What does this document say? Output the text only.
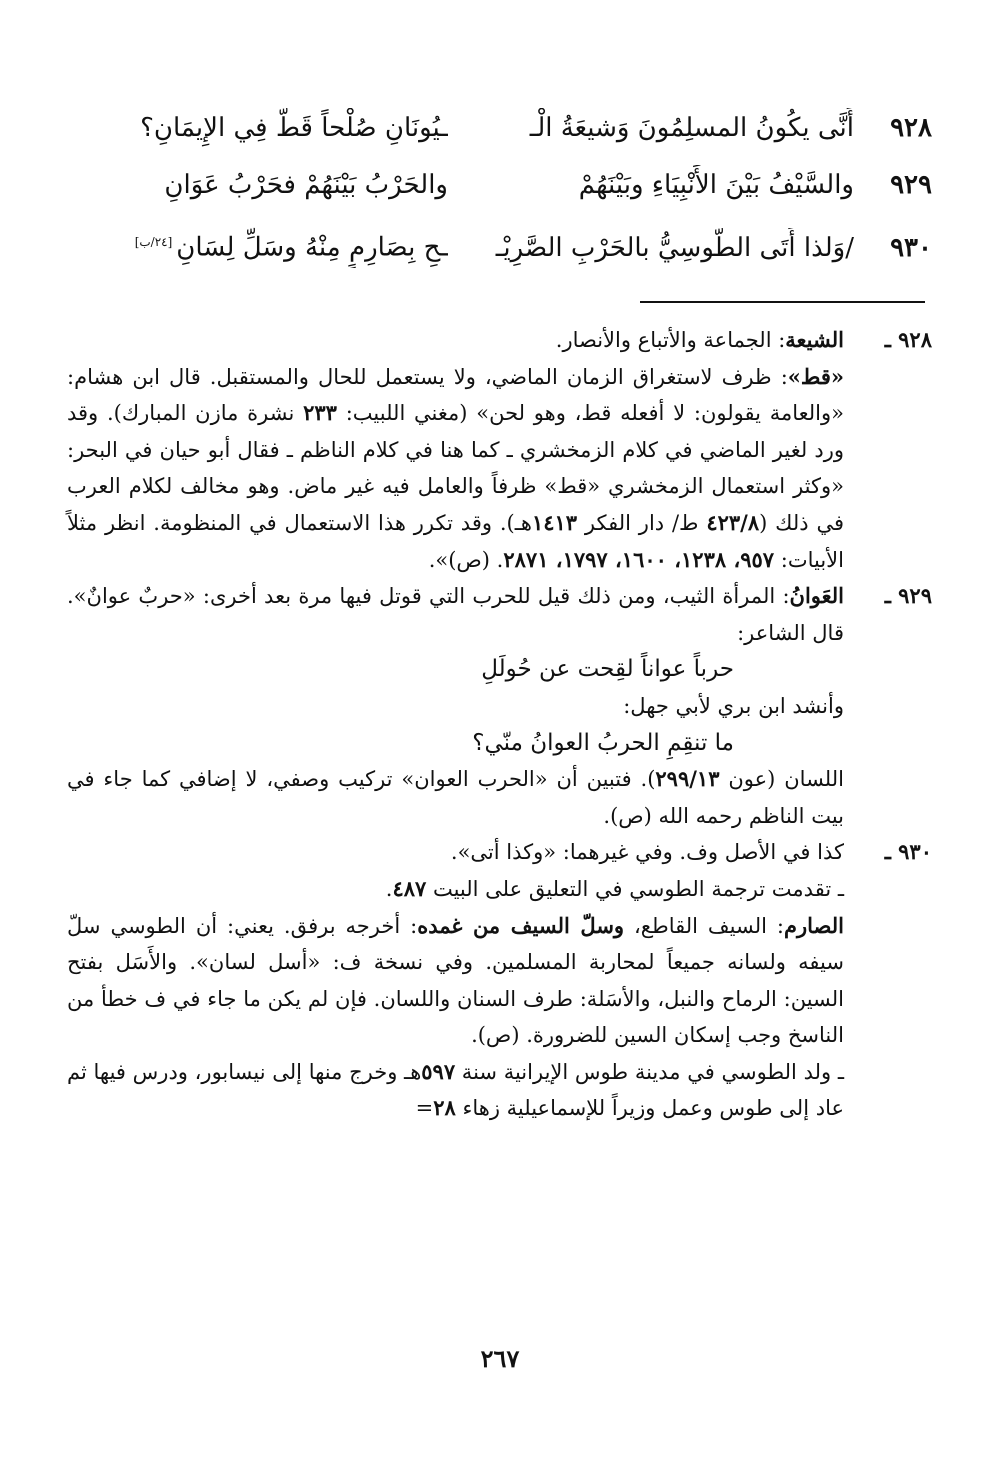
٩٢٨
أَنَّى يكُونُ المسلِمُونَ وَشيعَةُ الْـ
ـيُونَانِ صُلْحاً قَطُّ فِي الإِيمَانِ؟
٩٢٩
والسَّيْفُ بَيْنَ الأَنْبِيَاءِ وبَيْنَهُمْ
والحَرْبُ بَيْنَهُمْ فحَرْبُ عَوَانِ
٩٣٠
/وَلذا أَتَى الطُّوسِيُّ بالحَرْبِ الصَّرِيْـ
ـحِ بِصَارِمٍ مِنْهُ وسَلِّ لِسَانِ[٢٤/ب]
٩٢٨ ـ

الشيعة: الجماعة والأتباع والأنصار.

«قط»: ظرف لاستغراق الزمان الماضي، ولا يستعمل للحال والمستقبل. قال ابن هشام: «والعامة يقولون: لا أفعله قط، وهو لحن» (مغني اللبيب: ٢٣٣ نشرة مازن المبارك). وقد ورد لغير الماضي في كلام الزمخشري ـ كما هنا في كلام الناظم ـ فقال أبو حيان في البحر: «وكثر استعمال الزمخشري «قط» ظرفاً والعامل فيه غير ماض. وهو مخالف لكلام العرب في ذلك (٤٢٣/٨ ط/ دار الفكر ١٤١٣هـ). وقد تكرر هذا الاستعمال في المنظومة. انظر مثلاً الأبيات: ٩٥٧، ١٢٣٨، ١٦٠٠، ١٧٩٧، ٢٨٧١. (ص)».

٩٢٩ ـ

العَوانُ: المرأة الثيب، ومن ذلك قيل للحرب التي قوتل فيها مرة بعد أخرى: «حربٌ عوانٌ». قال الشاعر:

حرباً عواناً لقِحت عن حُولَلِ

وأنشد ابن بري لأبي جهل:

ما تنقِمِ الحربُ العوانُ منّي؟

اللسان (عون ٢٩٩/١٣). فتبين أن «الحرب العوان» تركيب وصفي، لا إضافي كما جاء في بيت الناظم رحمه الله (ص).

٩٣٠ ـ

كذا في الأصل وف. وفي غيرهما: «وكذا أتى».

ـ تقدمت ترجمة الطوسي في التعليق على البيت ٤٨٧.

الصارم: السيف القاطع، وسلّ السيف من غمده: أخرجه برفق. يعني: أن الطوسي سلّ سيفه ولسانه جميعاً لمحاربة المسلمين. وفي نسخة ف: «أسل لسان». والأَسَل بفتح السين: الرماح والنبل، والأسَلة: طرف السنان واللسان. فإن لم يكن ما جاء في ف خطأ من الناسخ وجب إسكان السين للضرورة. (ص).

ـ ولد الطوسي في مدينة طوس الإيرانية سنة ٥٩٧هـ وخرج منها إلى نيسابور، ودرس فيها ثم عاد إلى طوس وعمل وزيراً للإسماعيلية زهاء ٢٨=

٢٦٧
